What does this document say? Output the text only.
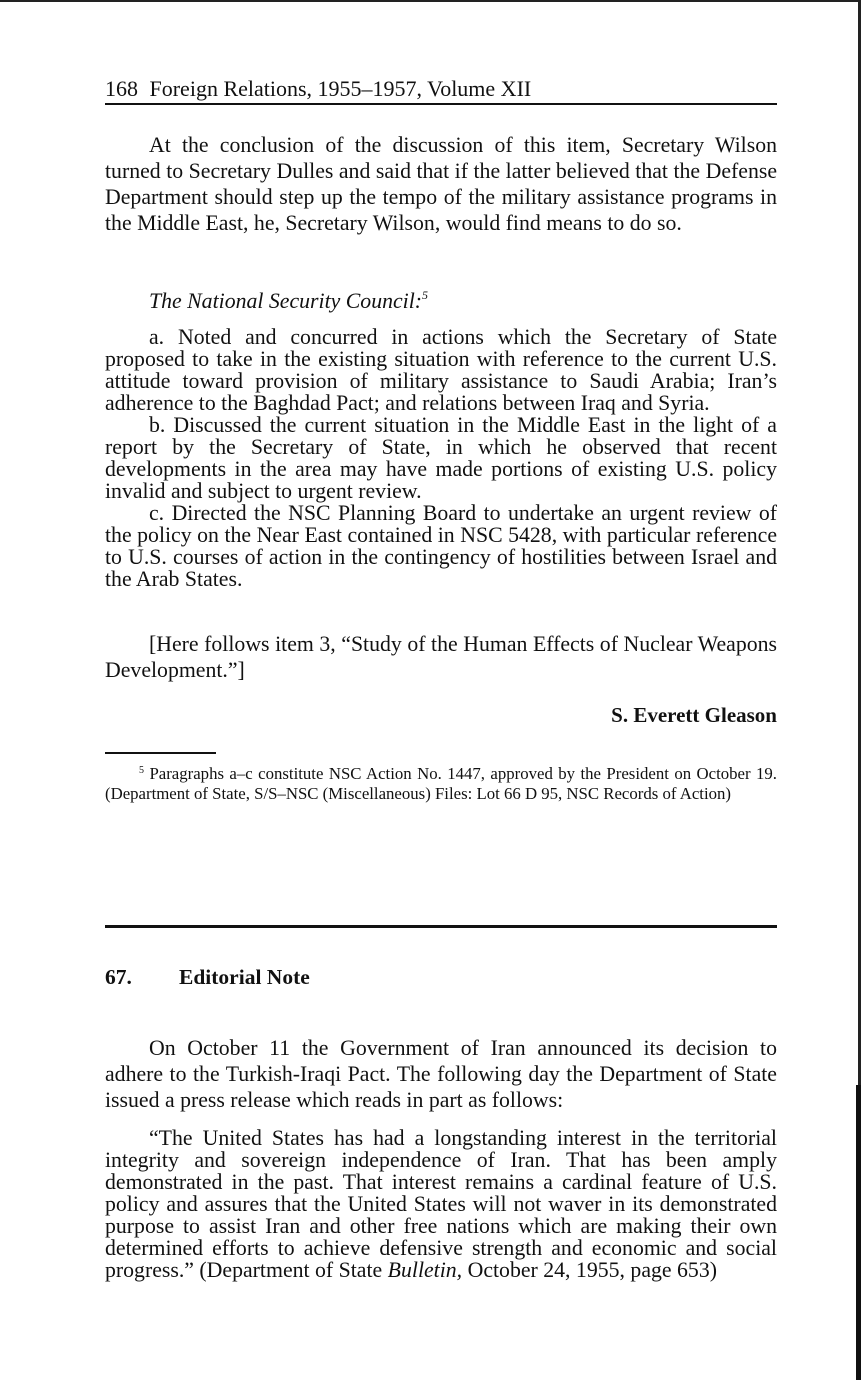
168 Foreign Relations, 1955–1957, Volume XII

At the conclusion of the discussion of this item, Secretary Wilson turned to Secretary Dulles and said that if the latter believed that the Defense Department should step up the tempo of the military assistance programs in the Middle East, he, Secretary Wilson, would find means to do so.

The National Security Council:$^5$

a. Noted and concurred in actions which the Secretary of State proposed to take in the existing situation with reference to the current U.S. attitude toward provision of military assistance to Saudi Arabia; Iran’s adherence to the Baghdad Pact; and relations between Iraq and Syria.

b. Discussed the current situation in the Middle East in the light of a report by the Secretary of State, in which he observed that recent developments in the area may have made portions of existing U.S. policy invalid and subject to urgent review.

c. Directed the NSC Planning Board to undertake an urgent review of the policy on the Near East contained in NSC 5428, with particular reference to U.S. courses of action in the contingency of hostilities between Israel and the Arab States.

[Here follows item 3, “Study of the Human Effects of Nuclear Weapons Development.”]

S. Everett Gleason

$^5$ Paragraphs a–c constitute NSC Action No. 1447, approved by the President on October 19. (Department of State, S/S–NSC (Miscellaneous) Files: Lot 66 D 95, NSC Records of Action)

67. Editorial Note

On October 11 the Government of Iran announced its decision to adhere to the Turkish-Iraqi Pact. The following day the Department of State issued a press release which reads in part as follows:

“The United States has had a longstanding interest in the territorial integrity and sovereign independence of Iran. That has been amply demonstrated in the past. That interest remains a cardinal feature of U.S. policy and assures that the United States will not waver in its demonstrated purpose to assist Iran and other free nations which are making their own determined efforts to achieve defensive strength and economic and social progress.” (Department of State Bulletin, October 24, 1955, page 653)
